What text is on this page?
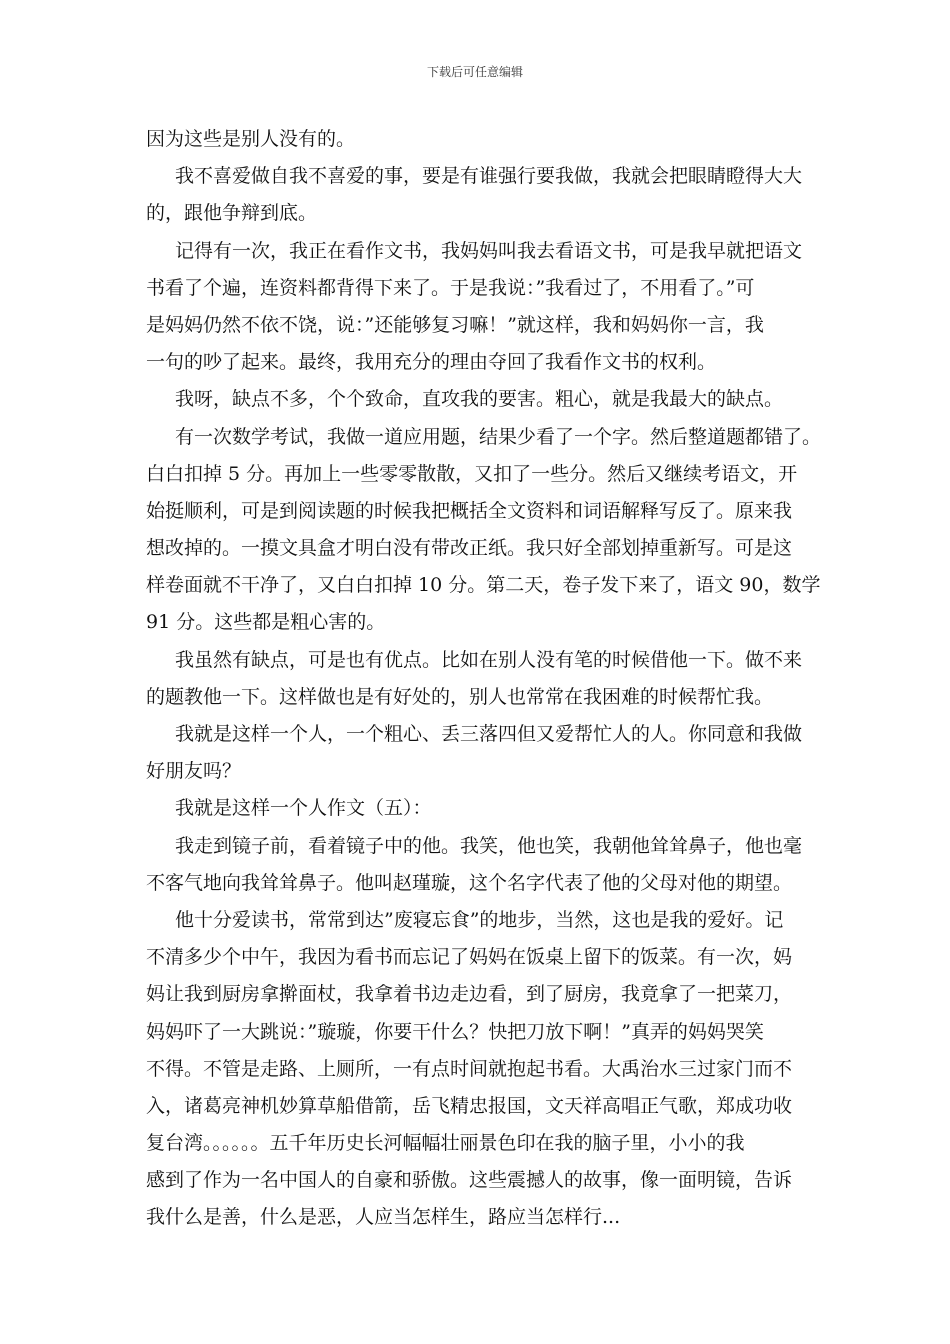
下载后可任意编辑
因为这些是别人没有的。
我不喜爱做自我不喜爱的事，要是有谁强行要我做，我就会把眼睛瞪得大大
的，跟他争辩到底。
记得有一次，我正在看作文书，我妈妈叫我去看语文书，可是我早就把语文
书看了个遍，连资料都背得下来了。于是我说：”我看过了，不用看了。”可
是妈妈仍然不依不饶，说：”还能够复习嘛！”就这样，我和妈妈你一言，我
一句的吵了起来。最终，我用充分的理由夺回了我看作文书的权利。
我呀，缺点不多，个个致命，直攻我的要害。粗心，就是我最大的缺点。
有一次数学考试，我做一道应用题，结果少看了一个字。然后整道题都错了。
白白扣掉 5 分。再加上一些零零散散，又扣了一些分。然后又继续考语文，开
始挺顺利，可是到阅读题的时候我把概括全文资料和词语解释写反了。原来我
想改掉的。一摸文具盒才明白没有带改正纸。我只好全部划掉重新写。可是这
样卷面就不干净了，又白白扣掉 10 分。第二天，卷子发下来了，语文 90，数学
91 分。这些都是粗心害的。
我虽然有缺点，可是也有优点。比如在别人没有笔的时候借他一下。做不来
的题教他一下。这样做也是有好处的，别人也常常在我困难的时候帮忙我。
我就是这样一个人，一个粗心、丢三落四但又爱帮忙人的人。你同意和我做
好朋友吗？
我就是这样一个人作文（五）：
我走到镜子前，看着镜子中的他。我笑，他也笑，我朝他耸耸鼻子，他也毫
不客气地向我耸耸鼻子。他叫赵瑾璇，这个名字代表了他的父母对他的期望。
他十分爱读书，常常到达”废寝忘食”的地步，当然，这也是我的爱好。记
不清多少个中午，我因为看书而忘记了妈妈在饭桌上留下的饭菜。有一次，妈
妈让我到厨房拿擀面杖，我拿着书边走边看，到了厨房，我竟拿了一把菜刀，
妈妈吓了一大跳说：”璇璇，你要干什么？快把刀放下啊！”真弄的妈妈哭笑
不得。不管是走路、上厕所，一有点时间就抱起书看。大禹治水三过家门而不
入，诸葛亮神机妙算草船借箭，岳飞精忠报国，文天祥高唱正气歌，郑成功收
复台湾。。。。。。五千年历史长河幅幅壮丽景色印在我的脑子里，小小的我
感到了作为一名中国人的自豪和骄傲。这些震撼人的故事，像一面明镜，告诉
我什么是善，什么是恶，人应当怎样生，路应当怎样行...
